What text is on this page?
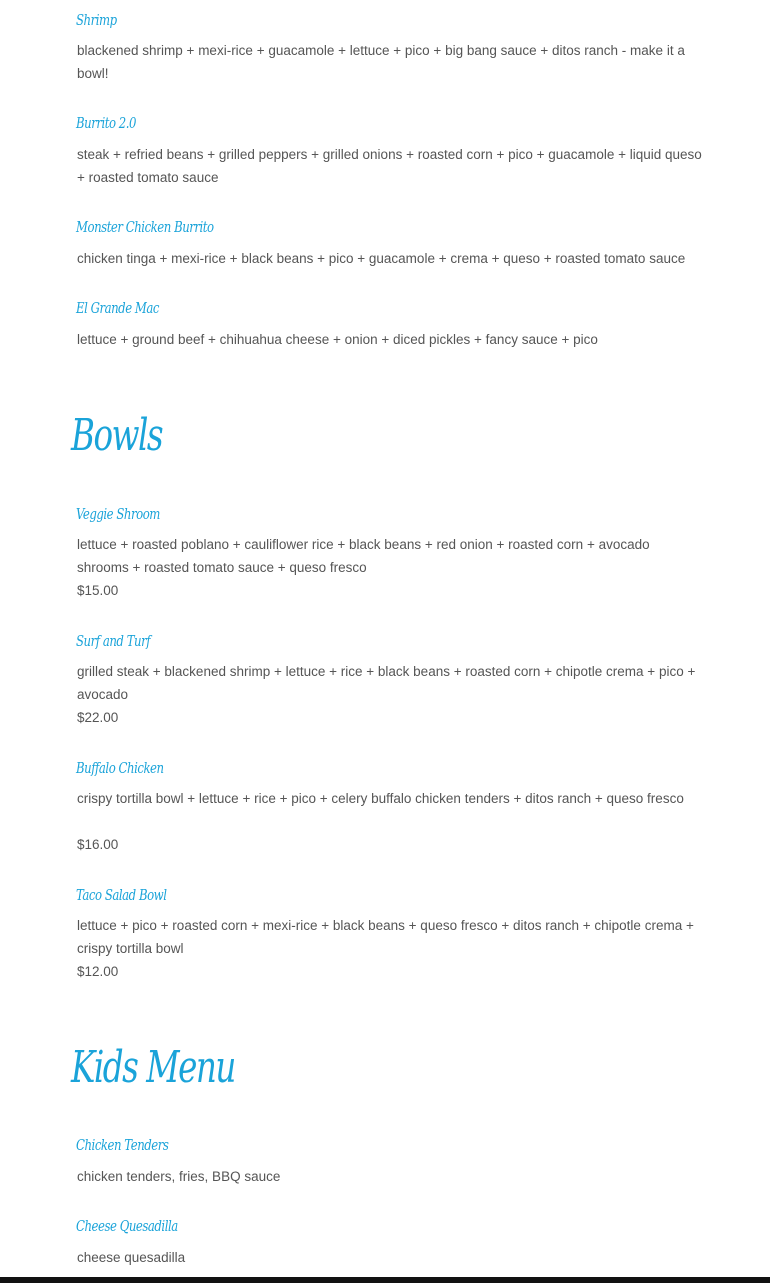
Shrimp

blackened shrimp + mexi-rice + guacamole + lettuce + pico + big bang sauce + ditos ranch - make it a bowl!

Burrito 2.0

steak + refried beans + grilled peppers + grilled onions + roasted corn + pico + guacamole + liquid queso + roasted tomato sauce

Monster Chicken Burrito

chicken tinga + mexi-rice + black beans + pico + guacamole + crema + queso + roasted tomato sauce

El Grande Mac

lettuce + ground beef + chihuahua cheese + onion + diced pickles + fancy sauce + pico

Bowls
Veggie Shroom

lettuce + roasted poblano + cauliflower rice + black beans + red onion + roasted corn + avocado shrooms + roasted tomato sauce + queso fresco

$15.00

Surf and Turf

grilled steak + blackened shrimp + lettuce + rice + black beans + roasted corn + chipotle crema + pico + avocado

$22.00

Buffalo Chicken

crispy tortilla bowl + lettuce + rice + pico + celery buffalo chicken tenders + ditos ranch + queso fresco

$16.00

Taco Salad Bowl

lettuce + pico + roasted corn + mexi-rice + black beans + queso fresco + ditos ranch + chipotle crema + crispy tortilla bowl

$12.00

Kids Menu
Chicken Tenders

chicken tenders, fries, BBQ sauce

Cheese Quesadilla

cheese quesadilla
